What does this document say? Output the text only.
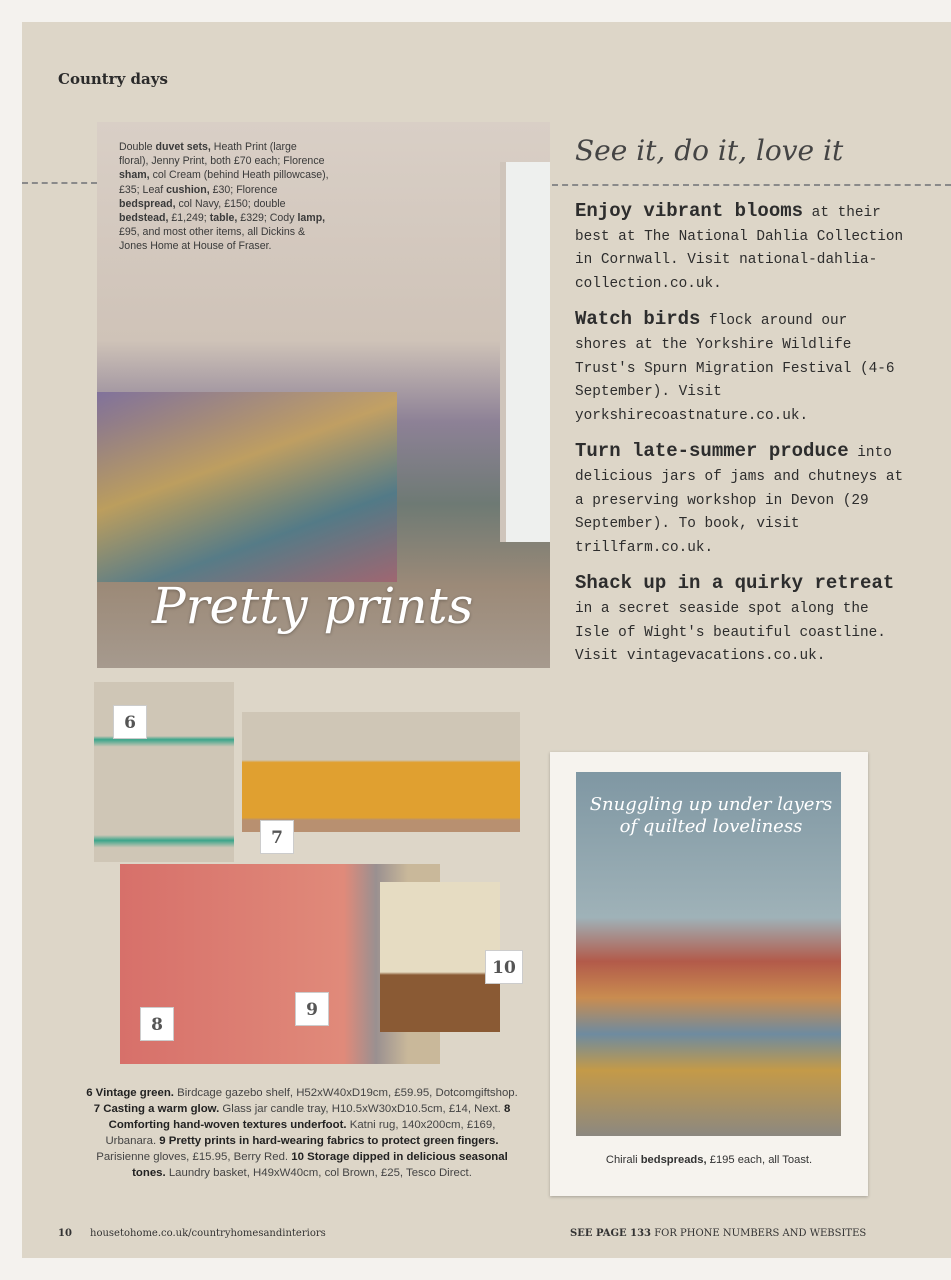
Country days
Double duvet sets, Heath Print (large floral), Jenny Print, both £70 each; Florence sham, col Cream (behind Heath pillowcase), £35; Leaf cushion, £30; Florence bedspread, col Navy, £150; double bedstead, £1,249; table, £329; Cody lamp, £95, and most other items, all Dickins & Jones Home at House of Fraser.
Pretty prints
See it, do it, love it

Enjoy vibrant blooms at their best at The National Dahlia Collection in Cornwall. Visit national-dahlia-collection.co.uk.

Watch birds flock around our shores at the Yorkshire Wildlife Trust's Spurn Migration Festival (4-6 September). Visit yorkshirecoastnature.co.uk.

Turn late-summer produce into delicious jars of jams and chutneys at a preserving workshop in Devon (29 September). To book, visit trillfarm.co.uk.

Shack up in a quirky retreat in a secret seaside spot along the Isle of Wight's beautiful coastline. Visit vintagevacations.co.uk.

6
7
8
9
10
6 Vintage green. Birdcage gazebo shelf, H52xW40xD19cm, £59.95, Dotcomgiftshop. 7 Casting a warm glow. Glass jar candle tray, H10.5xW30xD10.5cm, £14, Next. 8 Comforting hand-woven textures underfoot. Katni rug, 140x200cm, £169, Urbanara. 9 Pretty prints in hard-wearing fabrics to protect green fingers. Parisienne gloves, £15.95, Berry Red. 10 Storage dipped in delicious seasonal tones. Laundry basket, H49xW40cm, col Brown, £25, Tesco Direct.
Snuggling up under layers of quilted loveliness
Chirali bedspreads, £195 each, all Toast.
10 housetohome.co.uk/countryhomesandinteriors	SEE PAGE 133 FOR PHONE NUMBERS AND WEBSITES
